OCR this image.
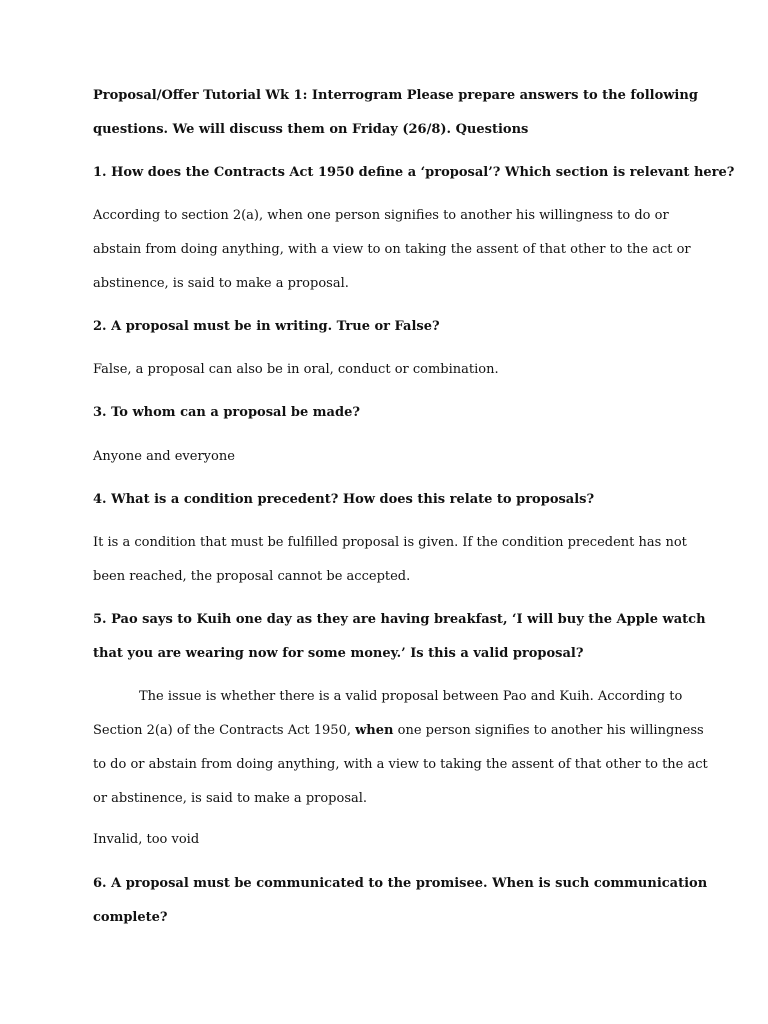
Proposal/Offer Tutorial Wk 1: Interrogram Please prepare answers to the following

questions. We will discuss them on Friday (26/8). Questions

1. How does the Contracts Act 1950 define a ‘proposal’? Which section is relevant here?

According to section 2(a), when one person signifies to another his willingness to do or

abstain from doing anything, with a view to on taking the assent of that other to the act or

abstinence, is said to make a proposal.

2. A proposal must be in writing. True or False?

False, a proposal can also be in oral, conduct or combination.

3. To whom can a proposal be made?

Anyone and everyone

4. What is a condition precedent? How does this relate to proposals?

It is a condition that must be fulfilled proposal is given. If the condition precedent has not

been reached, the proposal cannot be accepted.

5. Pao says to Kuih one day as they are having breakfast, ‘I will buy the Apple watch

that you are wearing now for some money.’ Is this a valid proposal?

The issue is whether there is a valid proposal between Pao and Kuih. According to

Section 2(a) of the Contracts Act 1950, when one person signifies to another his willingness

to do or abstain from doing anything, with a view to taking the assent of that other to the act

or abstinence, is said to make a proposal.

Invalid, too void

6. A proposal must be communicated to the promisee. When is such communication

complete?
